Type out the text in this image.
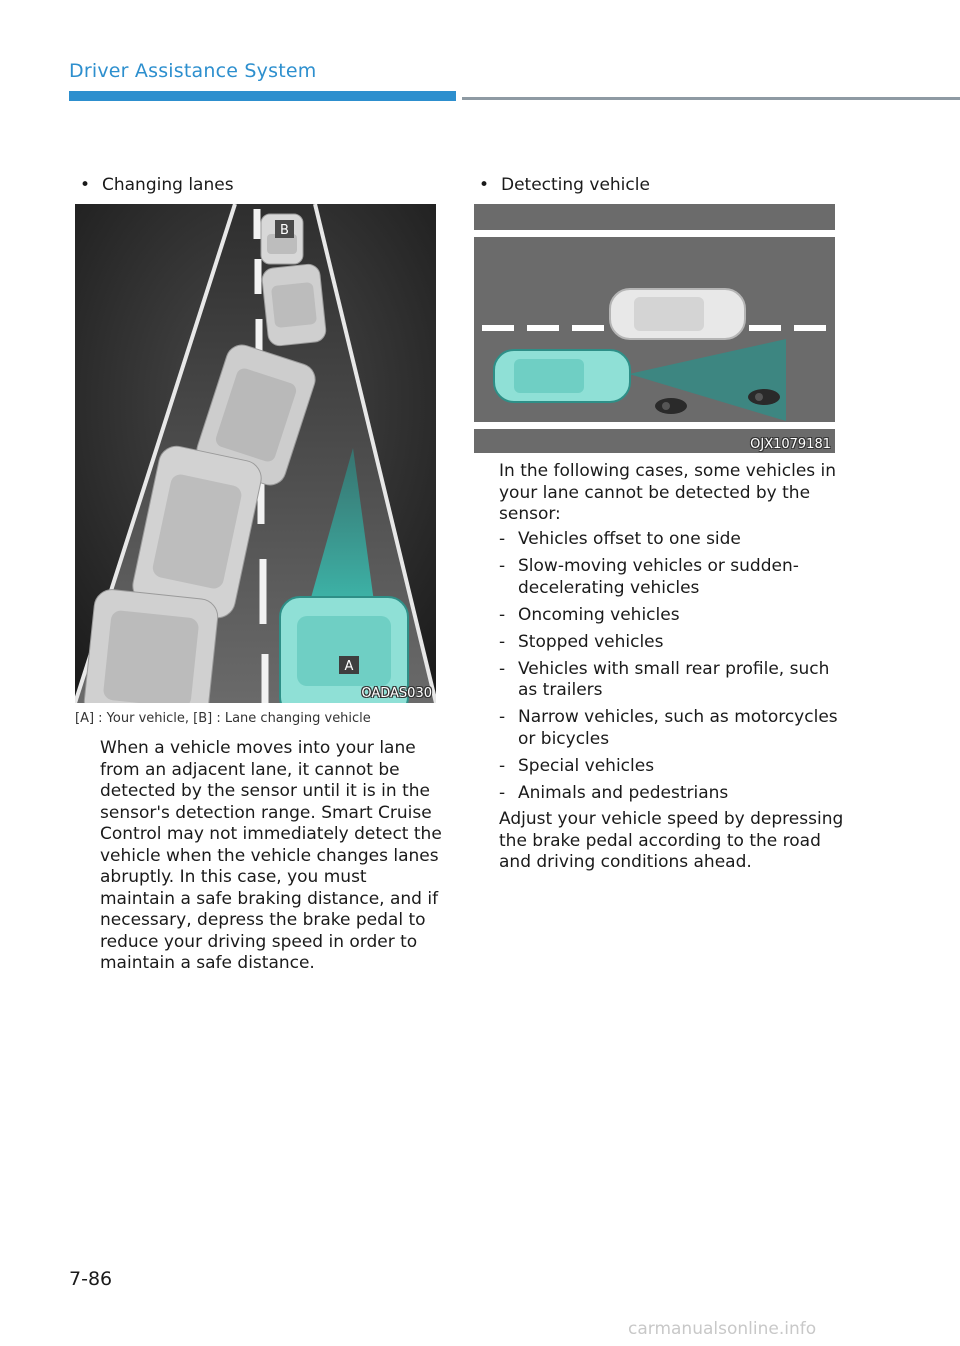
Driver Assistance System
• Changing lanes
B
A
OADAS030
[A] : Your vehicle, [B] : Lane changing vehicle

When a vehicle moves into your lane from an adjacent lane, it cannot be detected by the sensor until it is in the sensor's detection range. Smart Cruise Control may not immediately detect the vehicle when the vehicle changes lanes abruptly. In this case, you must maintain a safe braking distance, and if necessary, depress the brake pedal to reduce your driving speed in order to maintain a safe distance.

• Detecting vehicle
OJX1079181

In the following cases, some vehicles in your lane cannot be detected by the sensor:

- Vehicles offset to one side
- Slow-moving vehicles or sudden-decelerating vehicles
- Oncoming vehicles
- Stopped vehicles
- Vehicles with small rear profile, such as trailers
- Narrow vehicles, such as motorcycles or bicycles
- Special vehicles
- Animals and pedestrians

Adjust your vehicle speed by depressing the brake pedal according to the road and driving conditions ahead.

7-86
carmanualsonline.info
